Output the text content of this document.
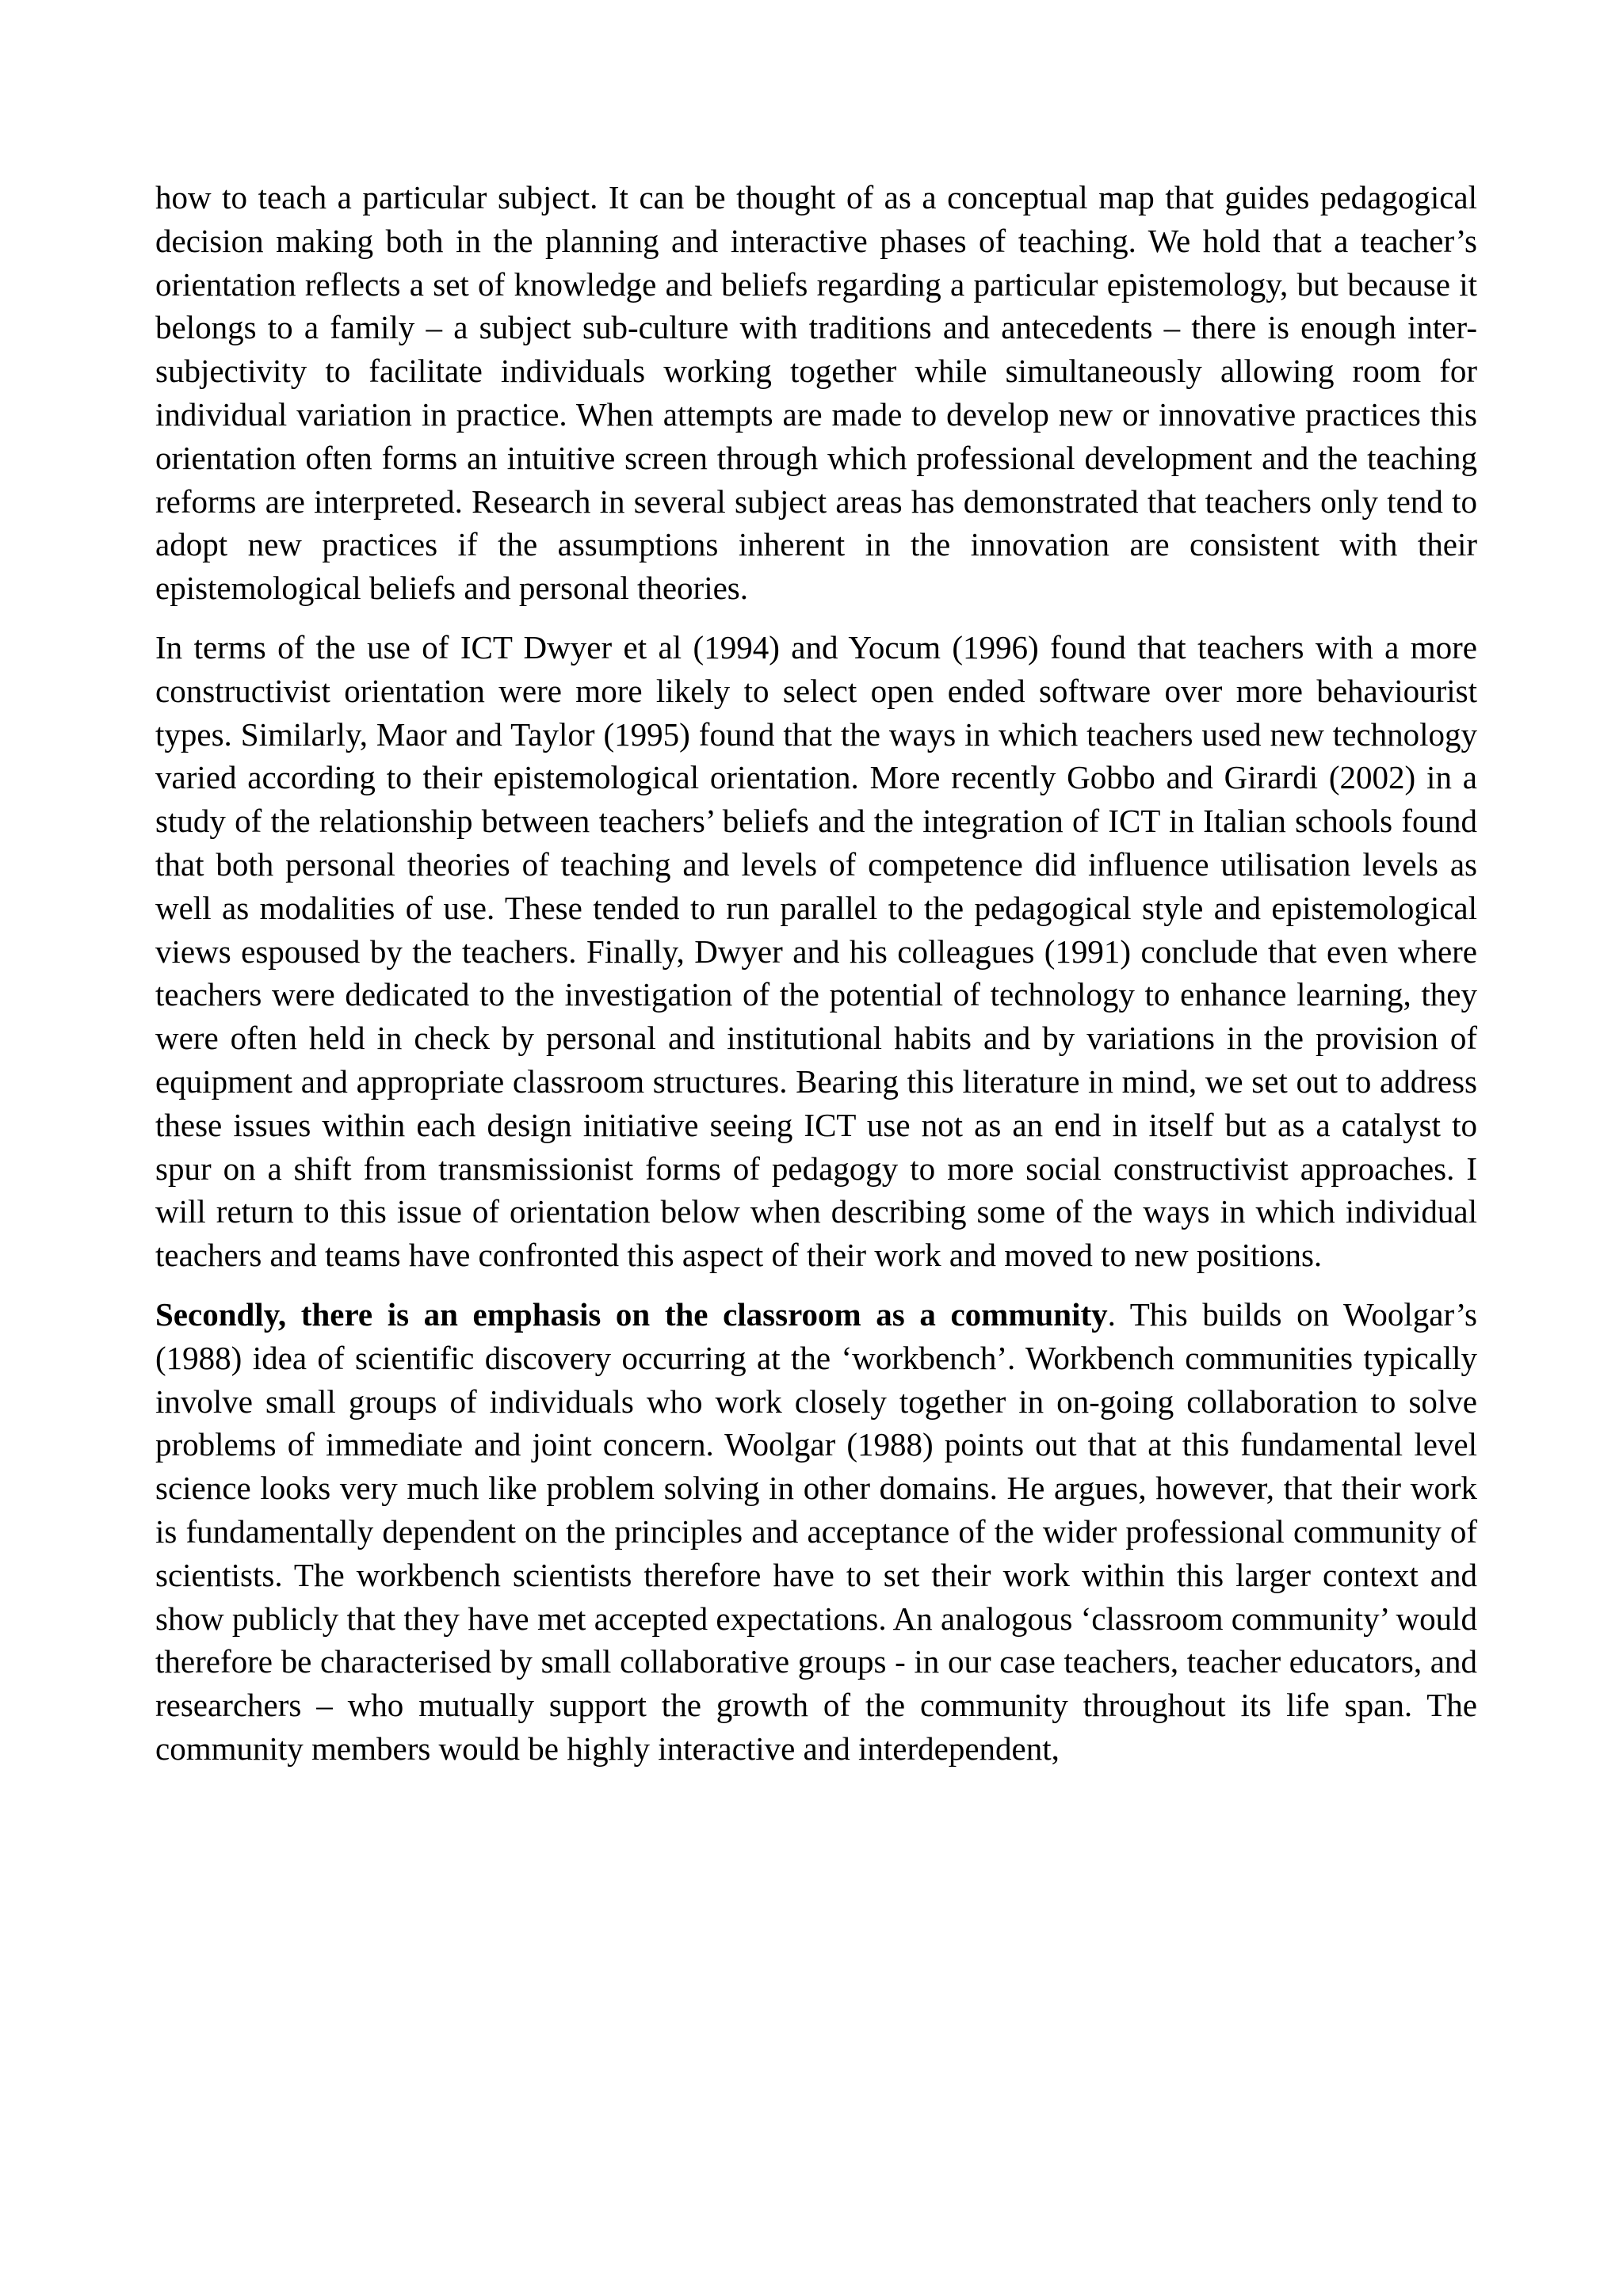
how to teach a particular subject. It can be thought of as a conceptual map that guides pedagogical decision making both in the planning and interactive phases of teaching. We hold that a teacher’s orientation reflects a set of knowledge and beliefs regarding a particular epistemology, but because it belongs to a family – a subject sub-culture with traditions and antecedents – there is enough inter-subjectivity to facilitate individuals working together while simultaneously allowing room for individual variation in practice. When attempts are made to develop new or innovative practices this orientation often forms an intuitive screen through which professional development and the teaching reforms are interpreted. Research in several subject areas has demonstrated that teachers only tend to adopt new practices if the assumptions inherent in the innovation are consistent with their epistemological beliefs and personal theories.

In terms of the use of ICT Dwyer et al (1994) and Yocum (1996) found that teachers with a more constructivist orientation were more likely to select open ended software over more behaviourist types. Similarly, Maor and Taylor (1995) found that the ways in which teachers used new technology varied according to their epistemological orientation. More recently Gobbo and Girardi (2002) in a study of the relationship between teachers’ beliefs and the integration of ICT in Italian schools found that both personal theories of teaching and levels of competence did influence utilisation levels as well as modalities of use. These tended to run parallel to the pedagogical style and epistemological views espoused by the teachers. Finally, Dwyer and his colleagues (1991) conclude that even where teachers were dedicated to the investigation of the potential of technology to enhance learning, they were often held in check by personal and institutional habits and by variations in the provision of equipment and appropriate classroom structures. Bearing this literature in mind, we set out to address these issues within each design initiative seeing ICT use not as an end in itself but as a catalyst to spur on a shift from transmissionist forms of pedagogy to more social constructivist approaches. I will return to this issue of orientation below when describing some of the ways in which individual teachers and teams have confronted this aspect of their work and moved to new positions.

Secondly, there is an emphasis on the classroom as a community. This builds on Woolgar’s (1988) idea of scientific discovery occurring at the ‘workbench’. Workbench communities typically involve small groups of individuals who work closely together in on-going collaboration to solve problems of immediate and joint concern. Woolgar (1988) points out that at this fundamental level science looks very much like problem solving in other domains. He argues, however, that their work is fundamentally dependent on the principles and acceptance of the wider professional community of scientists. The workbench scientists therefore have to set their work within this larger context and show publicly that they have met accepted expectations. An analogous ‘classroom community’ would therefore be characterised by small collaborative groups - in our case teachers, teacher educators, and researchers – who mutually support the growth of the community throughout its life span. The community members would be highly interactive and interdependent,
